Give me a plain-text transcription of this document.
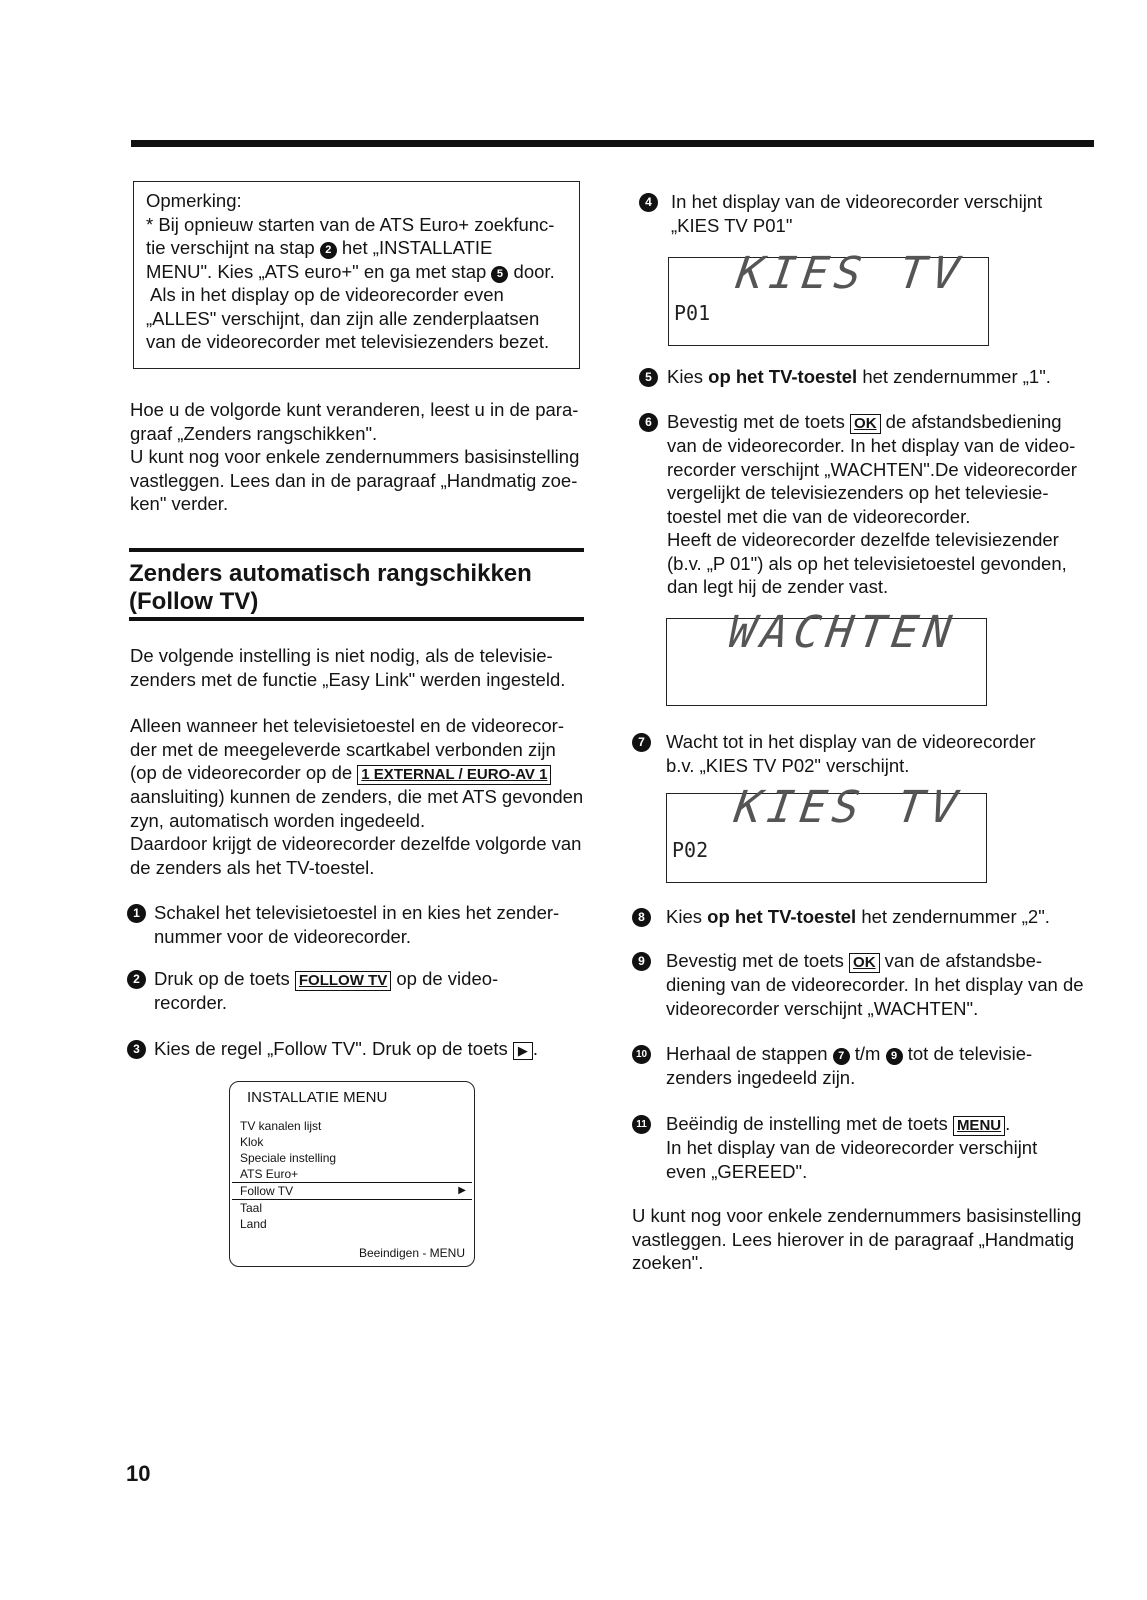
Opmerking:

* Bij opnieuw starten van de ATS Euro+ zoekfunc-

tie verschijnt na stap 2 het „INSTALLATIE

MENU". Kies „ATS euro+" en ga met stap 5 door.

Als in het display op de videorecorder even

„ALLES" verschijnt, dan zijn alle zenderplaatsen

van de videorecorder met televisiezenders bezet.

Hoe u de volgorde kunt veranderen, leest u in de para-

graaf „Zenders rangschikken".

U kunt nog voor enkele zendernummers basisinstelling

vastleggen. Lees dan in de paragraaf „Handmatig zoe-

ken" verder.

Zenders automatisch rangschikken
(Follow TV)

De volgende instelling is niet nodig, als de televisie-

zenders met de functie „Easy Link" werden ingesteld.

Alleen wanneer het televisietoestel en de videorecor-

der met de meegeleverde scartkabel verbonden zijn

(op de videorecorder op de 1 EXTERNAL / EURO-AV 1

aansluiting) kunnen de zenders, die met ATS gevonden

zyn, automatisch worden ingedeeld.

Daardoor krijgt de videorecorder dezelfde volgorde van

de zenders als het TV-toestel.

1 Schakel het televisietoestel in en kies het zender-

nummer voor de videorecorder.

2 Druk op de toets FOLLOW TV op de video-

recorder.

3 Kies de regel „Follow TV". Druk op de toets ▶ .

INSTALLATIE MENU
TV kanalen lijst
Klok
Speciale instelling
ATS Euro+
Follow TV	▶
Taal
Land
Beeindigen - MENU
4	In het display van de videorecorder verschijnt

„KIES TV P01"

KIES TV
P01
5 Kies op het TV-toestel het zendernummer „1".

6 Bevestig met de toets OK de afstandsbediening

van de videorecorder. In het display van de video-

recorder verschijnt „WACHTEN".De videorecorder

vergelijkt de televisiezenders op het televiesie-

toestel met die van de videorecorder.

Heeft de videorecorder dezelfde televisiezender

(b.v. „P 01") als op het televisietoestel gevonden,

dan legt hij de zender vast.

WACHTEN
7	Wacht tot in het display van de videorecorder

b.v. „KIES TV P02" verschijnt.

KIES TV
P02
8	Kies op het TV-toestel het zendernummer „2".

9	Bevestig met de toets OK van de afstandsbe-

diening van de videorecorder. In het display van de

videorecorder verschijnt „WACHTEN".

10 Herhaal de stappen 7 t/m 9 tot de televisie-

zenders ingedeeld zijn.

11 Beëindig de instelling met de toets MENU .

In het display van de videorecorder verschijnt

even „GEREED".

U kunt nog voor enkele zendernummers basisinstelling

vastleggen. Lees hierover in de paragraaf „Handmatig

zoeken".

10
